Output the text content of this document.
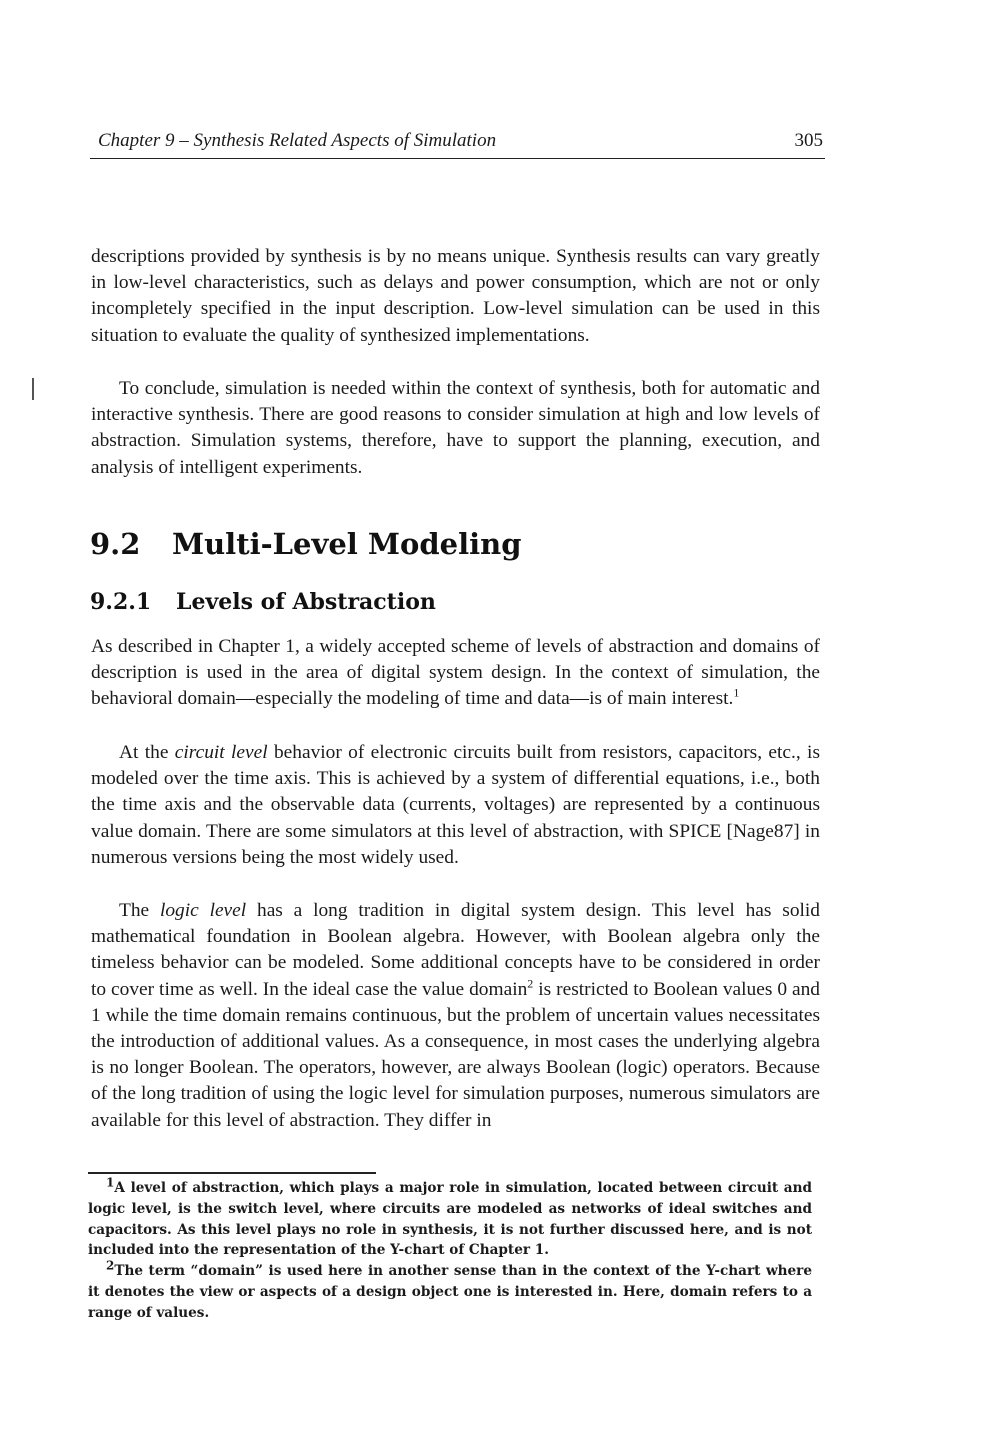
Chapter 9 – Synthesis Related Aspects of Simulation	305

descriptions provided by synthesis is by no means unique. Synthesis results can vary greatly in low-level characteristics, such as delays and power consumption, which are not or only incompletely specified in the input description. Low-level simulation can be used in this situation to evaluate the quality of synthesized implementations.

To conclude, simulation is needed within the context of synthesis, both for automatic and interactive synthesis. There are good reasons to consider simulation at high and low levels of abstraction. Simulation systems, therefore, have to support the planning, execution, and analysis of intelligent experiments.

9.2 Multi-Level Modeling
9.2.1 Levels of Abstraction

As described in Chapter 1, a widely accepted scheme of levels of abstraction and domains of description is used in the area of digital system design. In the context of simulation, the behavioral domain—especially the modeling of time and data—is of main interest.$^1$

At the circuit level behavior of electronic circuits built from resistors, capacitors, etc., is modeled over the time axis. This is achieved by a system of differential equations, i.e., both the time axis and the observable data (currents, voltages) are represented by a continuous value domain. There are some simulators at this level of abstraction, with SPICE [Nage87] in numerous versions being the most widely used.

The logic level has a long tradition in digital system design. This level has solid mathematical foundation in Boolean algebra. However, with Boolean algebra only the timeless behavior can be modeled. Some additional concepts have to be considered in order to cover time as well. In the ideal case the value domain$^2$ is restricted to Boolean values 0 and 1 while the time domain remains continuous, but the problem of uncertain values necessitates the introduction of additional values. As a consequence, in most cases the underlying algebra is no longer Boolean. The operators, however, are always Boolean (logic) operators. Because of the long tradition of using the logic level for simulation purposes, numerous simulators are available for this level of abstraction. They differ in

$^1$A level of abstraction, which plays a major role in simulation, located between circuit and logic level, is the switch level, where circuits are modeled as networks of ideal switches and capacitors. As this level plays no role in synthesis, it is not further discussed here, and is not included into the representation of the Y-chart of Chapter 1.

$^2$The term “domain” is used here in another sense than in the context of the Y-chart where it denotes the view or aspects of a design object one is interested in. Here, domain refers to a range of values.
